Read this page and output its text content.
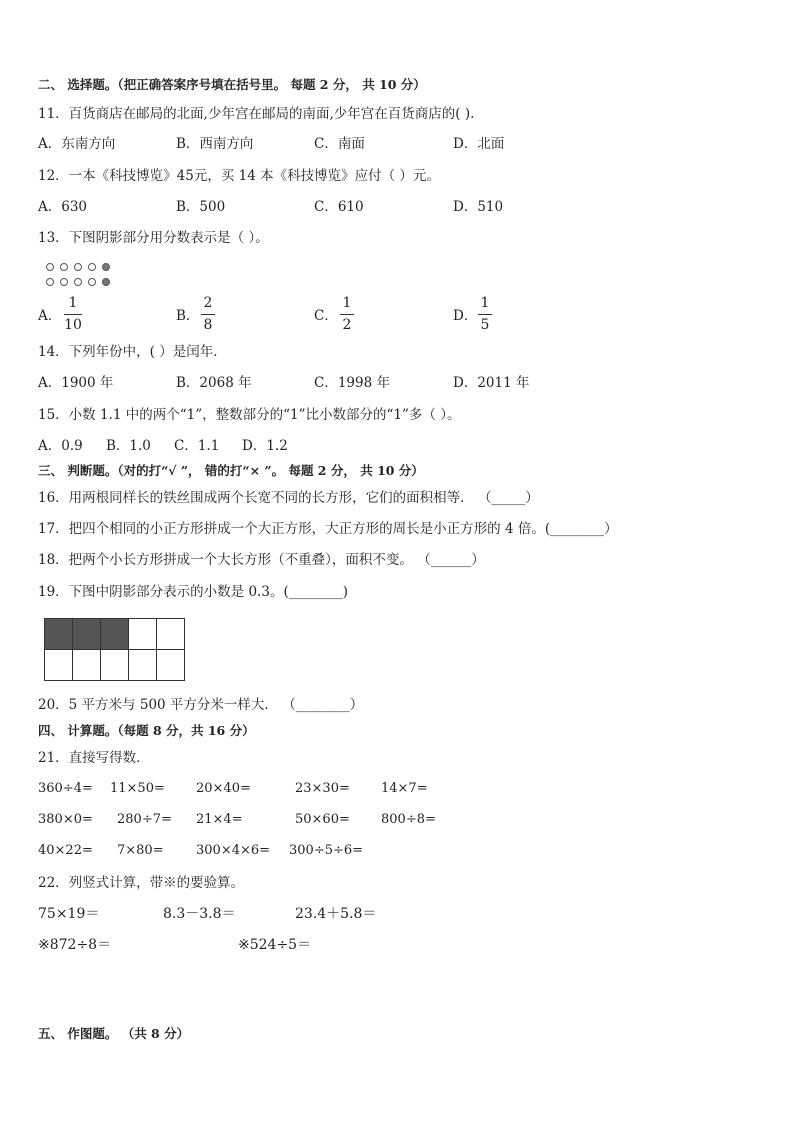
二、 选择题。（把正确答案序号填在括号里。 每题 2 分， 共 10 分）
11．百货商店在邮局的北面,少年宫在邮局的南面,少年宫在百货商店的( ).
A．东南方向	B．西南方向	C．南面	D．北面
12．一本《科技博览》45元，买 14 本《科技博览》应付（ ）元。
A．630	B．500	C．610	D．510
13．下图阴影部分用分数表示是（ ）。
A．
1
10
B．
2
8
C．
1
2
D．
1
5
14．下列年份中，( ）是闰年．
A．1900 年	B．2068 年	C．1998 年	D．2011 年
15．小数 1.1 中的两个“1”，整数部分的“1”比小数部分的“1”多（ ）。
A．0.9 B．1.0 C．1.1 D．1.2
三、 判断题。（对的打“√ ”， 错的打“× ”。 每题 2 分， 共 10 分）
16．用两根同样长的铁丝围成两个长宽不同的长方形，它们的面积相等． （_____）
17．把四个相同的小正方形拼成一个大正方形，大正方形的周长是小正方形的 4 倍。(________）
18．把两个小长方形拼成一个大长方形（不重叠），面积不变。 （______）
19．下图中阴影部分表示的小数是 0.3。(________)

20．5 平方米与 500 平方分米一样大． （________）
四、 计算题。（每题 8 分，共 16 分）
21．直接写得数．
360÷4= 11×50= 20×40=	23×30= 14×7=
380×0= 280÷7= 21×4=	50×60= 800÷8=
40×22= 7×80= 300×4×6= 300÷5÷6=
22．列竖式计算，带※的要验算。
75×19＝	8.3－3.8＝	23.4＋5.8＝
※872÷8＝	※524÷5＝
五、 作图题。 （共 8 分）
